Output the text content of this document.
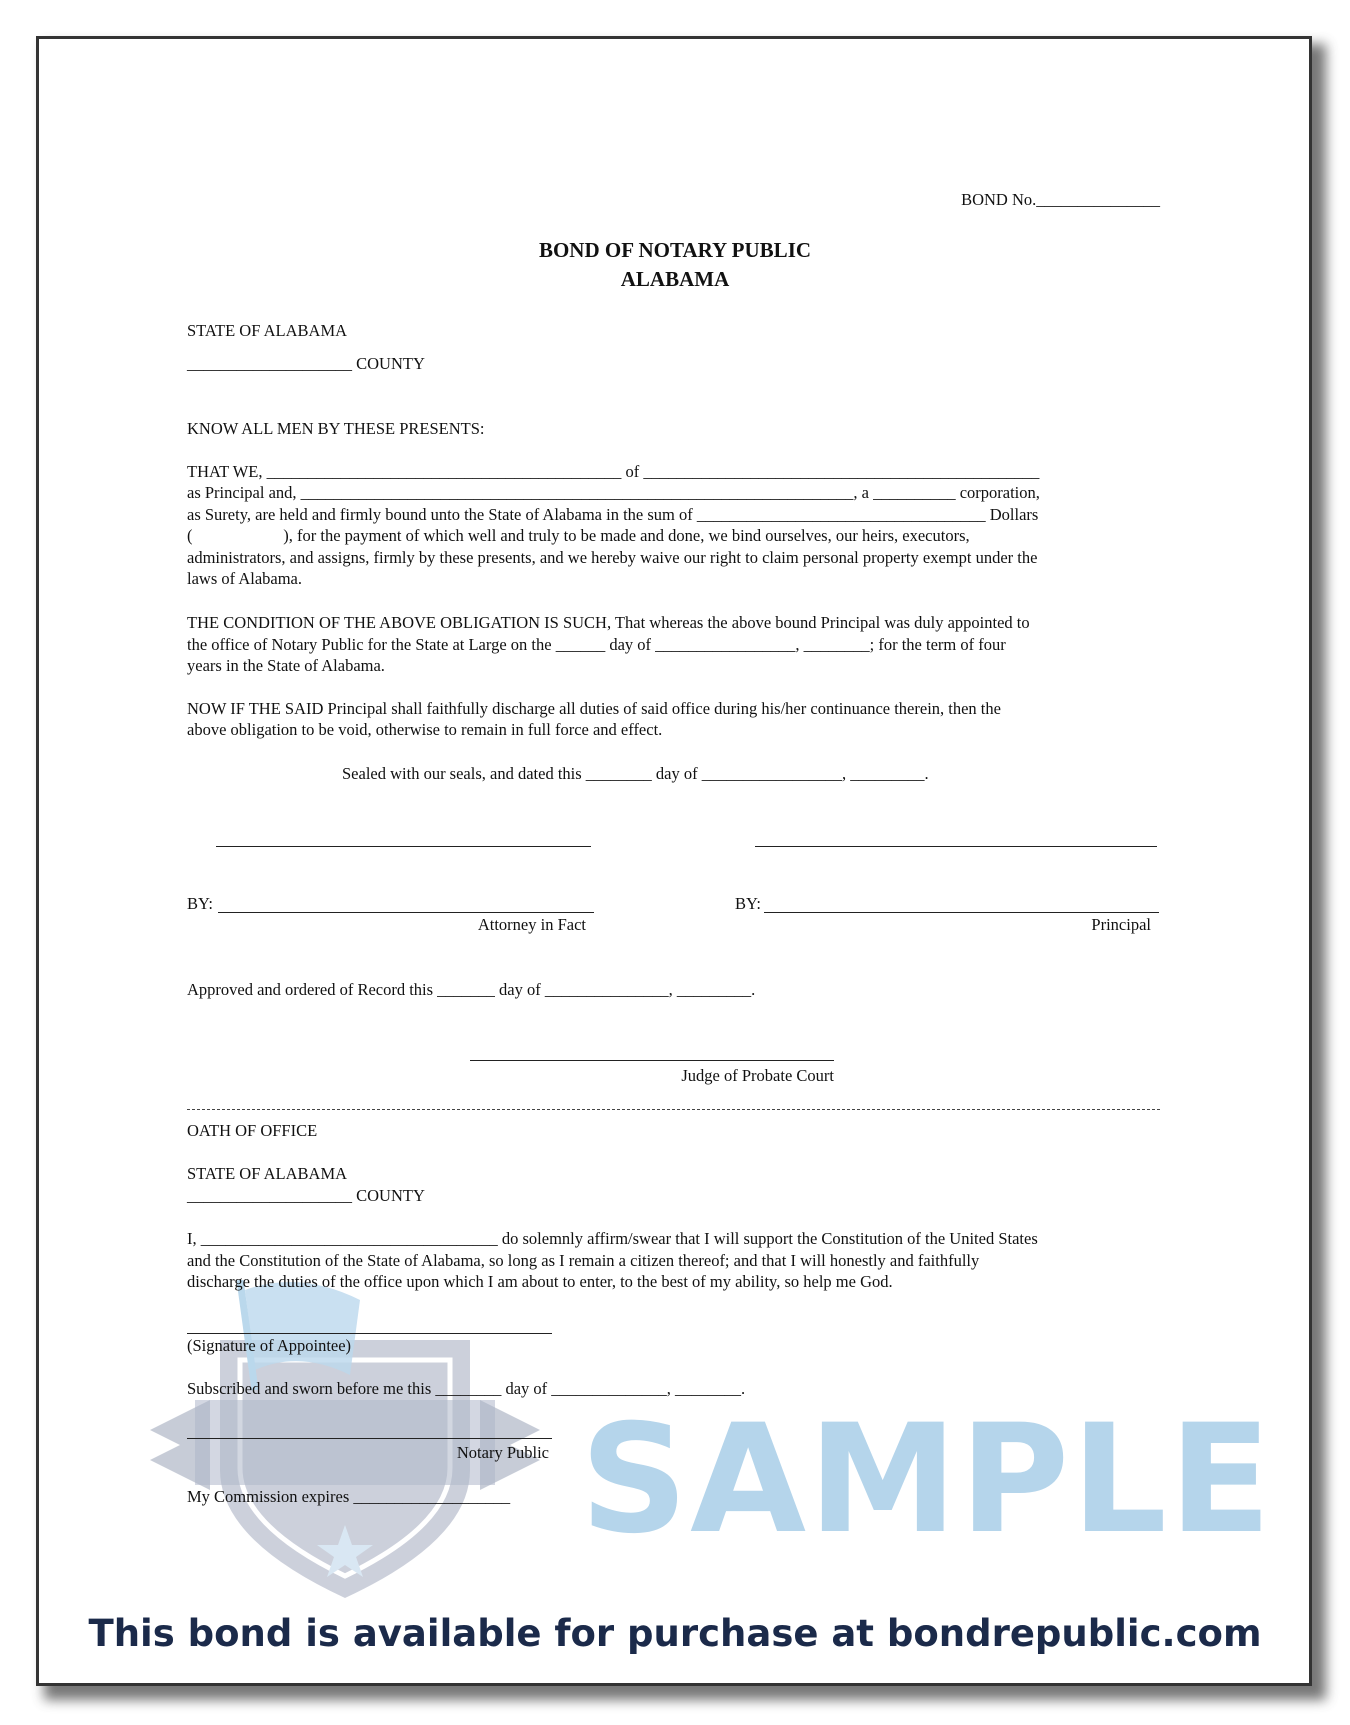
BOND No._______________
BOND OF NOTARY PUBLIC
ALABAMA
STATE OF ALABAMA
____________________ COUNTY
KNOW ALL MEN BY THESE PRESENTS:
THAT WE, ___________________________________________ of ________________________________________________
as Principal and, ___________________________________________________________________, a __________ corporation,
as Surety, are held and firmly bound unto the State of Alabama in the sum of ___________________________________ Dollars
(                      ), for the payment of which well and truly to be made and done, we bind ourselves, our heirs, executors,
administrators, and assigns, firmly by these presents, and we hereby waive our right to claim personal property exempt under the
laws of Alabama.
THE CONDITION OF THE ABOVE OBLIGATION IS SUCH, That whereas the above bound Principal was duly appointed to
the office of Notary Public for the State at Large on the ______ day of _________________, ________; for the term of four
years in the State of Alabama.
NOW IF THE SAID Principal shall faithfully discharge all duties of said office during his/her continuance therein, then the
above obligation to be void, otherwise to remain in full force and effect.
Sealed with our seals, and dated this ________ day of _________________, _________.
BY:
Attorney in Fact
BY:
Principal
Approved and ordered of Record this _______ day of _______________, _________.
Judge of Probate Court
OATH OF OFFICE
STATE OF ALABAMA
____________________ COUNTY
I, ____________________________________ do solemnly affirm/swear that I will support the Constitution of the United States
and the Constitution of the State of Alabama, so long as I remain a citizen thereof; and that I will honestly and faithfully
discharge the duties of the office upon which I am about to enter, to the best of my ability, so help me God.
(Signature of Appointee)
Subscribed and sworn before me this ________ day of ______________, ________.
Notary Public
My Commission expires ___________________ SAMPLE
This bond is available for purchase at bondrepublic.com
